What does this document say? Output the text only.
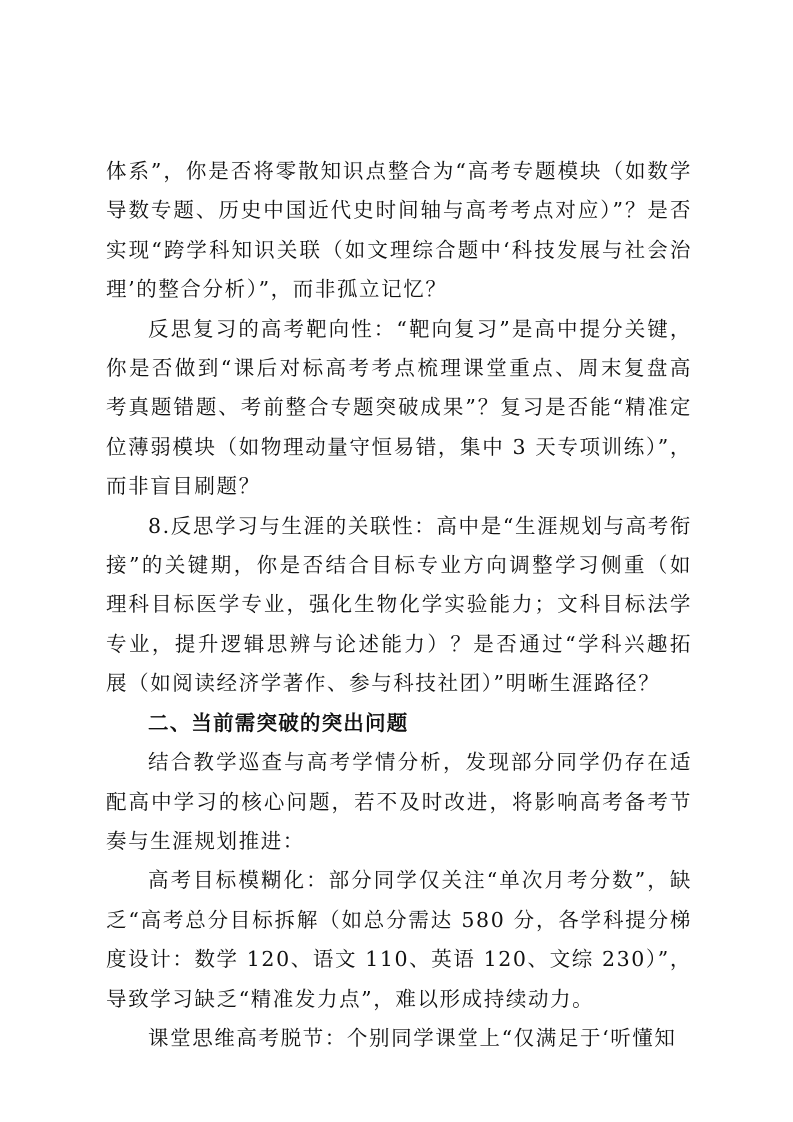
体系”，你是否将零散知识点整合为“高考专题模块（如数学导数专题、历史中国近代史时间轴与高考考点对应）”？是否实现“跨学科知识关联（如文理综合题中‘科技发展与社会治理’的整合分析）”，而非孤立记忆？

反思复习的高考靶向性：“靶向复习”是高中提分关键，你是否做到“课后对标高考考点梳理课堂重点、周末复盘高考真题错题、考前整合专题突破成果”？复习是否能“精准定位薄弱模块（如物理动量守恒易错，集中 3 天专项训练）”，而非盲目刷题？

8.反思学习与生涯的关联性：高中是“生涯规划与高考衔接”的关键期，你是否结合目标专业方向调整学习侧重（如理科目标医学专业，强化生物化学实验能力；文科目标法学专业，提升逻辑思辨与论述能力）？是否通过“学科兴趣拓展（如阅读经济学著作、参与科技社团）”明晰生涯路径？

二、当前需突破的突出问题

结合教学巡查与高考学情分析，发现部分同学仍存在适配高中学习的核心问题，若不及时改进，将影响高考备考节奏与生涯规划推进：

高考目标模糊化：部分同学仅关注“单次月考分数”，缺乏“高考总分目标拆解（如总分需达 580 分，各学科提分梯度设计：数学 120、语文 110、英语 120、文综 230）”，导致学习缺乏“精准发力点”，难以形成持续动力。

课堂思维高考脱节：个别同学课堂上“仅满足于‘听懂知
